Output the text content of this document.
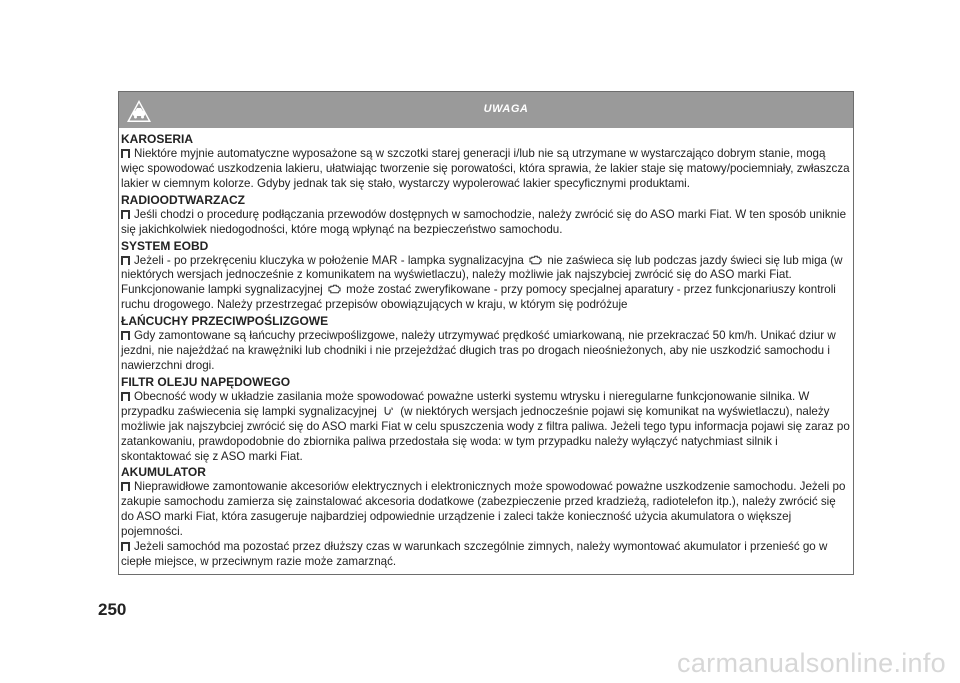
UWAGA
KAROSERIA

Niektóre myjnie automatyczne wyposażone są w szczotki starej generacji i/lub nie są utrzymane w wystarczająco dobrym stanie, mogą więc spowodować uszkodzenia lakieru, ułatwiając tworzenie się porowatości, która sprawia, że lakier staje się matowy/pociemniały, zwłaszcza lakier w ciemnym kolorze. Gdyby jednak tak się stało, wystarczy wypolerować lakier specyficznymi produktami.

RADIOODTWARZACZ

Jeśli chodzi o procedurę podłączania przewodów dostępnych w samochodzie, należy zwrócić się do ASO marki Fiat. W ten sposób uniknie się jakichkolwiek niedogodności, które mogą wpłynąć na bezpieczeństwo samochodu.

SYSTEM EOBD

Jeżeli - po przekręceniu kluczyka w położenie MAR - lampka sygnalizacyjna nie zaświeca się lub podczas jazdy świeci się lub miga (w niektórych wersjach jednocześnie z komunikatem na wyświetlaczu), należy możliwie jak najszybciej zwrócić się do ASO marki Fiat.

Funkcjonowanie lampki sygnalizacyjnej może zostać zweryfikowane - przy pomocy specjalnej aparatury - przez funkcjonariuszy kontroli ruchu drogowego. Należy przestrzegać przepisów obowiązujących w kraju, w którym się podróżuje

ŁAŃCUCHY PRZECIWPOŚLIZGOWE

Gdy zamontowane są łańcuchy przeciwpoślizgowe, należy utrzymywać prędkość umiarkowaną, nie przekraczać 50 km/h. Unikać dziur w jezdni, nie najeżdżać na krawężniki lub chodniki i nie przejeżdżać długich tras po drogach nieośnieżonych, aby nie uszkodzić samochodu i nawierzchni drogi.

FILTR OLEJU NAPĘDOWEGO

Obecność wody w układzie zasilania może spowodować poważne usterki systemu wtrysku i nieregularne funkcjonowanie silnika. W przypadku zaświecenia się lampki sygnalizacyjnej (w niektórych wersjach jednocześnie pojawi się komunikat na wyświetlaczu), należy możliwie jak najszybciej zwrócić się do ASO marki Fiat w celu spuszczenia wody z filtra paliwa. Jeżeli tego typu informacja pojawi się zaraz po zatankowaniu, prawdopodobnie do zbiornika paliwa przedostała się woda: w tym przypadku należy wyłączyć natychmiast silnik i skontaktować się z ASO marki Fiat.

AKUMULATOR

Nieprawidłowe zamontowanie akcesoriów elektrycznych i elektronicznych może spowodować poważne uszkodzenie samochodu. Jeżeli po zakupie samochodu zamierza się zainstalować akcesoria dodatkowe (zabezpieczenie przed kradzieżą, radiotelefon itp.), należy zwrócić się do ASO marki Fiat, która zasugeruje najbardziej odpowiednie urządzenie i zaleci także konieczność użycia akumulatora o większej pojemności.

Jeżeli samochód ma pozostać przez dłuższy czas w warunkach szczególnie zimnych, należy wymontować akumulator i przenieść go w ciepłe miejsce, w przeciwnym razie może zamarznąć.

250
carmanualsonline.info
